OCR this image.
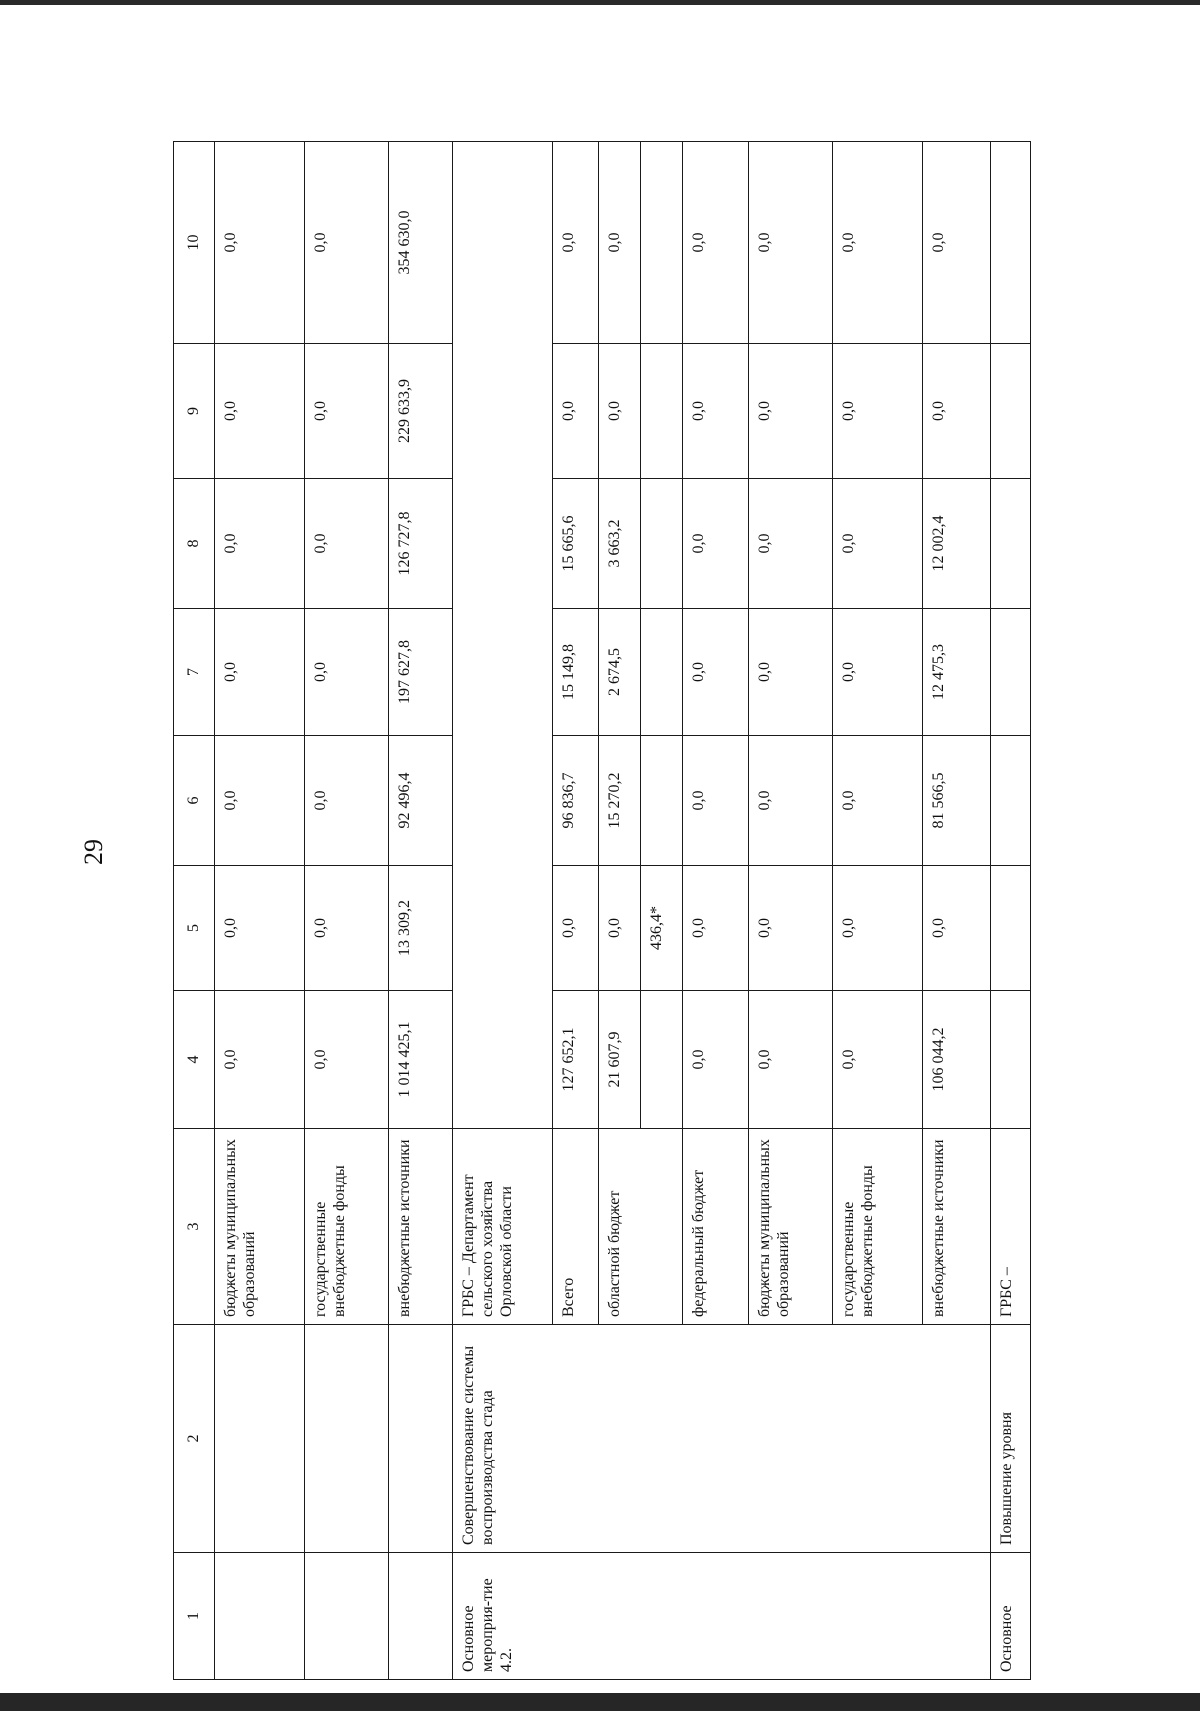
29
1	2	3	4	5	6	7	8	9	10
		бюджеты муниципальных образований	0,0	0,0	0,0	0,0	0,0	0,0	0,0
		государственные внебюджетные фонды	0,0	0,0	0,0	0,0	0,0	0,0	0,0
		внебюджетные источники	1 014 425,1	13 309,2	92 496,4	197 627,8	126 727,8	229 633,9	354 630,0
Основное мероприя-тие 4.2.	Совершенствование системы воспроизводства стада	ГРБС – Департамент сельского хозяйства Орловской области							
		Всего	127 652,1	0,0	96 836,7	15 149,8	15 665,6	0,0	0,0
		областной бюджет	21 607,9	0,0	15 270,2	2 674,5	3 663,2	0,0	0,0
				436,4*					
		федеральный бюджет	0,0	0,0	0,0	0,0	0,0	0,0	0,0
		бюджеты муниципальных образований	0,0	0,0	0,0	0,0	0,0	0,0	0,0
		государственные внебюджетные фонды	0,0	0,0	0,0	0,0	0,0	0,0	0,0
		внебюджетные источники	106 044,2	0,0	81 566,5	12 475,3	12 002,4	0,0	0,0
Основное	Повышение уровня	ГРБС –							
